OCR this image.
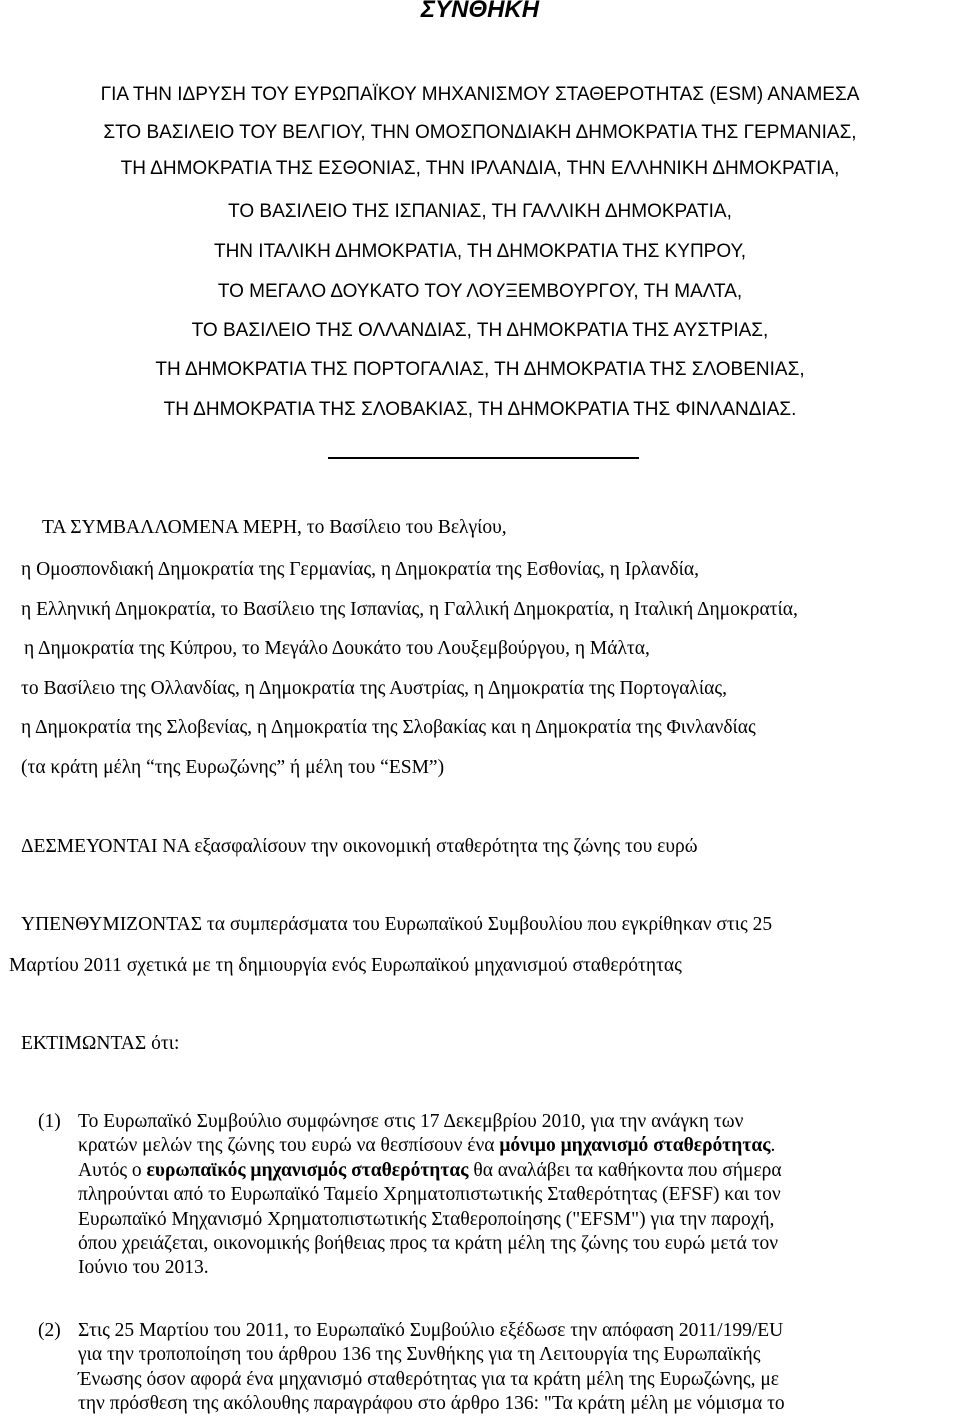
ΣΥΝΘΗΚΗ
ΓΙΑ ΤΗΝ ΙΔΡΥΣΗ ΤΟΥ ΕΥΡΩΠΑΪΚΟΥ ΜΗΧΑΝΙΣΜΟΥ ΣΤΑΘΕΡΟΤΗΤΑΣ (ESM) ΑΝΑΜΕΣΑ
ΣΤΟ ΒΑΣΙΛΕΙΟ ΤΟΥ ΒΕΛΓΙΟΥ, ΤΗΝ ΟΜΟΣΠΟΝΔΙΑΚΗ ΔΗΜΟΚΡΑΤΙΑ ΤΗΣ ΓΕΡΜΑΝΙΑΣ,
ΤΗ ΔΗΜΟΚΡΑΤΙΑ ΤΗΣ ΕΣΘΟΝΙΑΣ, ΤΗΝ ΙΡΛΑΝΔΙΑ, ΤΗΝ ΕΛΛΗΝΙΚΗ ΔΗΜΟΚΡΑΤΙΑ,
ΤΟ ΒΑΣΙΛΕΙΟ ΤΗΣ ΙΣΠΑΝΙΑΣ, ΤΗ ΓΑΛΛΙΚΗ ΔΗΜΟΚΡΑΤΙΑ,
ΤΗΝ ΙΤΑΛΙΚΗ ΔΗΜΟΚΡΑΤΙΑ, ΤΗ ΔΗΜΟΚΡΑΤΙΑ ΤΗΣ ΚΥΠΡΟΥ,
ΤΟ ΜΕΓΑΛΟ ΔΟΥΚΑΤΟ ΤΟΥ ΛΟΥΞΕΜΒΟΥΡΓΟΥ, ΤΗ ΜΑΛΤΑ,
ΤΟ ΒΑΣΙΛΕΙΟ ΤΗΣ ΟΛΛΑΝΔΙΑΣ, ΤΗ ΔΗΜΟΚΡΑΤΙΑ ΤΗΣ ΑΥΣΤΡΙΑΣ,
ΤΗ ΔΗΜΟΚΡΑΤΙΑ ΤΗΣ ΠΟΡΤΟΓΑΛΙΑΣ, ΤΗ ΔΗΜΟΚΡΑΤΙΑ ΤΗΣ ΣΛΟΒΕΝΙΑΣ,
ΤΗ ΔΗΜΟΚΡΑΤΙΑ ΤΗΣ ΣΛΟΒΑΚΙΑΣ, ΤΗ ΔΗΜΟΚΡΑΤΙΑ ΤΗΣ ΦΙΝΛΑΝΔΙΑΣ.
ΤΑ ΣΥΜΒΑΛΛΟΜΕΝΑ ΜΕΡΗ, το Βασίλειο του Βελγίου,
η Ομοσπονδιακή Δημοκρατία της Γερμανίας, η Δημοκρατία της Εσθονίας, η Ιρλανδία,
η Ελληνική Δημοκρατία, το Βασίλειο της Ισπανίας, η Γαλλική Δημοκρατία, η Ιταλική Δημοκρατία,
η Δημοκρατία της Κύπρου, το Μεγάλο Δουκάτο του Λουξεμβούργου, η Μάλτα,
το Βασίλειο της Ολλανδίας, η Δημοκρατία της Αυστρίας, η Δημοκρατία της Πορτογαλίας,
η Δημοκρατία της Σλοβενίας, η Δημοκρατία της Σλοβακίας και η Δημοκρατία της Φινλανδίας
(τα κράτη μέλη “της Ευρωζώνης” ή μέλη του “ESM”)
ΔΕΣΜΕΥΟΝΤΑΙ ΝΑ εξασφαλίσουν την οικονομική σταθερότητα της ζώνης του ευρώ
ΥΠΕΝΘΥΜΙΖΟΝΤΑΣ τα συμπεράσματα του Ευρωπαϊκού Συμβουλίου που εγκρίθηκαν στις 25
Μαρτίου 2011 σχετικά με τη δημιουργία ενός Ευρωπαϊκού μηχανισμού σταθερότητας
ΕΚΤΙΜΩΝΤΑΣ ότι:
(1) Το Ευρωπαϊκό Συμβούλιο συμφώνησε στις 17 Δεκεμβρίου 2010, για την ανάγκη των
κρατών μελών της ζώνης του ευρώ να θεσπίσουν ένα μόνιμο μηχανισμό σταθερότητας.
Αυτός ο ευρωπαϊκός μηχανισμός σταθερότητας θα αναλάβει τα καθήκοντα που σήμερα
πληρούνται από το Ευρωπαϊκό Ταμείο Χρηματοπιστωτικής Σταθερότητας (EFSF) και τον
Ευρωπαϊκό Μηχανισμό Χρηματοπιστωτικής Σταθεροποίησης ("EFSM") για την παροχή,
όπου χρειάζεται, οικονομικής βοήθειας προς τα κράτη μέλη της ζώνης του ευρώ μετά τον
Ιούνιο του 2013.
(2) Στις 25 Μαρτίου του 2011, το Ευρωπαϊκό Συμβούλιο εξέδωσε την απόφαση 2011/199/ΕU
για την τροποποίηση του άρθρου 136 της Συνθήκης για τη Λειτουργία της Ευρωπαϊκής
Ένωσης όσον αφορά ένα μηχανισμό σταθερότητας για τα κράτη μέλη της Ευρωζώνης, με
την πρόσθεση της ακόλουθης παραγράφου στο άρθρο 136: "Τα κράτη μέλη με νόμισμα το
